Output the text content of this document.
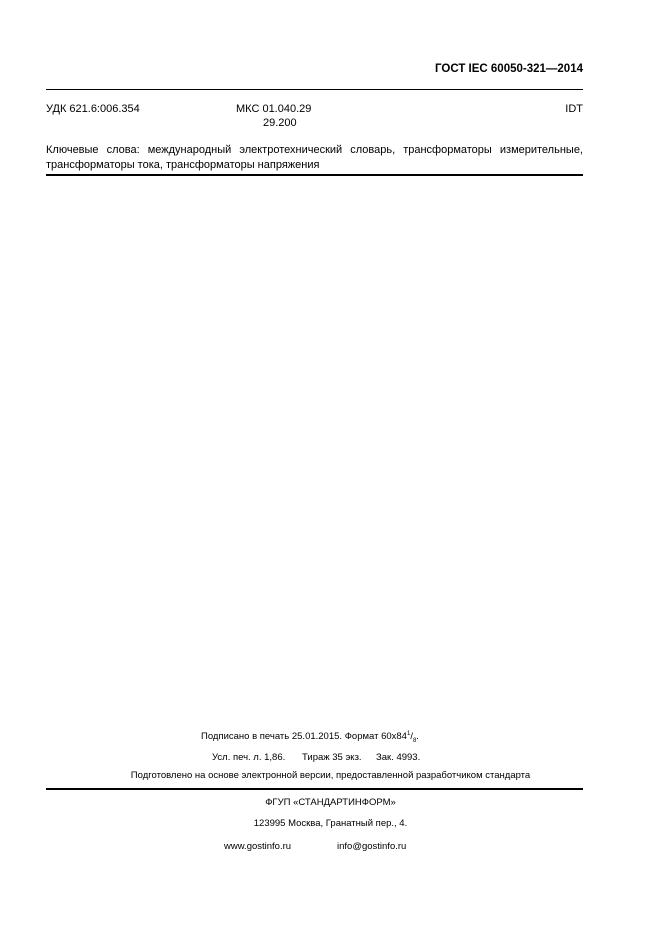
ГОСТ IEC 60050-321—2014
УДК 621.6:006.354	МКС 01.040.29
29.200
IDT
Ключевые слова: международный электротехнический словарь, трансформаторы измерительные, трансформаторы тока, трансформаторы напряжения
Подписано в печать 25.01.2015. Формат $60x84^1/_8$.
Усл. печ. л. 1,86. Тираж 35 экз. Зак. 4993.
Подготовлено на основе электронной версии, предоставленной разработчиком стандарта
ФГУП «СТАНДАРТИНФОРМ»
123995 Москва, Гранатный пер., 4.
www.gostinfo.ru	info@gostinfo.ru
